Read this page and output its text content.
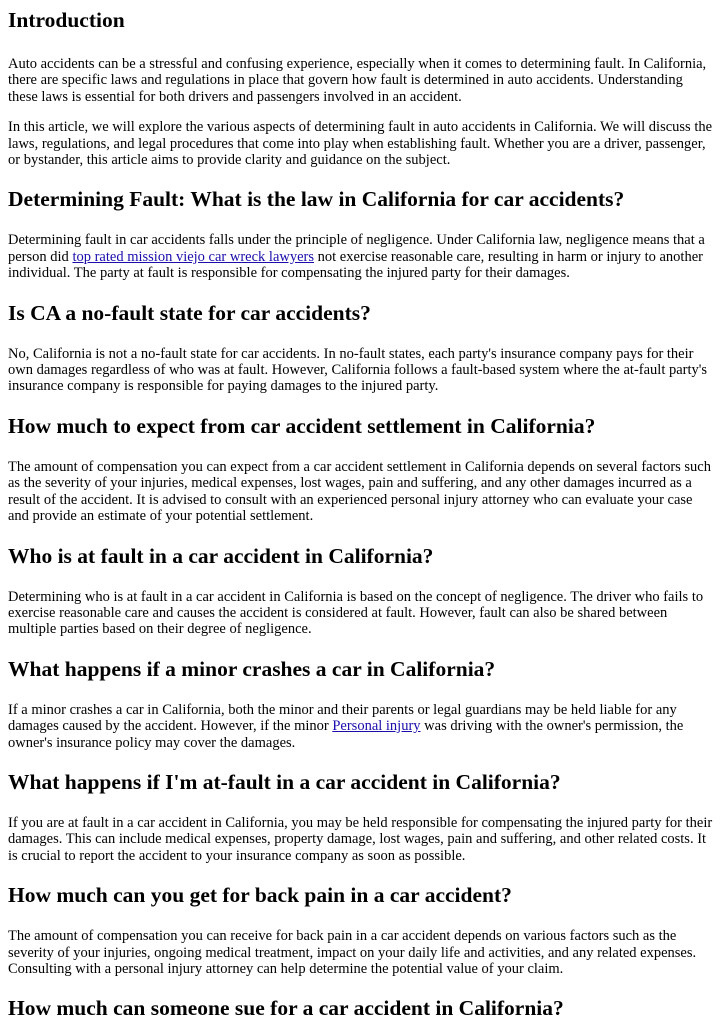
Introduction

Auto accidents can be a stressful and confusing experience, especially when it comes to determining fault. In California, there are specific laws and regulations in place that govern how fault is determined in auto accidents. Understanding these laws is essential for both drivers and passengers involved in an accident.

In this article, we will explore the various aspects of determining fault in auto accidents in California. We will discuss the laws, regulations, and legal procedures that come into play when establishing fault. Whether you are a driver, passenger, or bystander, this article aims to provide clarity and guidance on the subject.

Determining Fault: What is the law in California for car accidents?

Determining fault in car accidents falls under the principle of negligence. Under California law, negligence means that a person did top rated mission viejo car wreck lawyers not exercise reasonable care, resulting in harm or injury to another individual. The party at fault is responsible for compensating the injured party for their damages.

Is CA a no-fault state for car accidents?

No, California is not a no-fault state for car accidents. In no-fault states, each party's insurance company pays for their own damages regardless of who was at fault. However, California follows a fault-based system where the at-fault party's insurance company is responsible for paying damages to the injured party.

How much to expect from car accident settlement in California?

The amount of compensation you can expect from a car accident settlement in California depends on several factors such as the severity of your injuries, medical expenses, lost wages, pain and suffering, and any other damages incurred as a result of the accident. It is advised to consult with an experienced personal injury attorney who can evaluate your case and provide an estimate of your potential settlement.

Who is at fault in a car accident in California?

Determining who is at fault in a car accident in California is based on the concept of negligence. The driver who fails to exercise reasonable care and causes the accident is considered at fault. However, fault can also be shared between multiple parties based on their degree of negligence.

What happens if a minor crashes a car in California?

If a minor crashes a car in California, both the minor and their parents or legal guardians may be held liable for any damages caused by the accident. However, if the minor Personal injury was driving with the owner's permission, the owner's insurance policy may cover the damages.

What happens if I'm at-fault in a car accident in California?

If you are at fault in a car accident in California, you may be held responsible for compensating the injured party for their damages. This can include medical expenses, property damage, lost wages, pain and suffering, and other related costs. It is crucial to report the accident to your insurance company as soon as possible.

How much can you get for back pain in a car accident?

The amount of compensation you can receive for back pain in a car accident depends on various factors such as the severity of your injuries, ongoing medical treatment, impact on your daily life and activities, and any related expenses. Consulting with a personal injury attorney can help determine the potential value of your claim.

How much can someone sue for a car accident in California?
